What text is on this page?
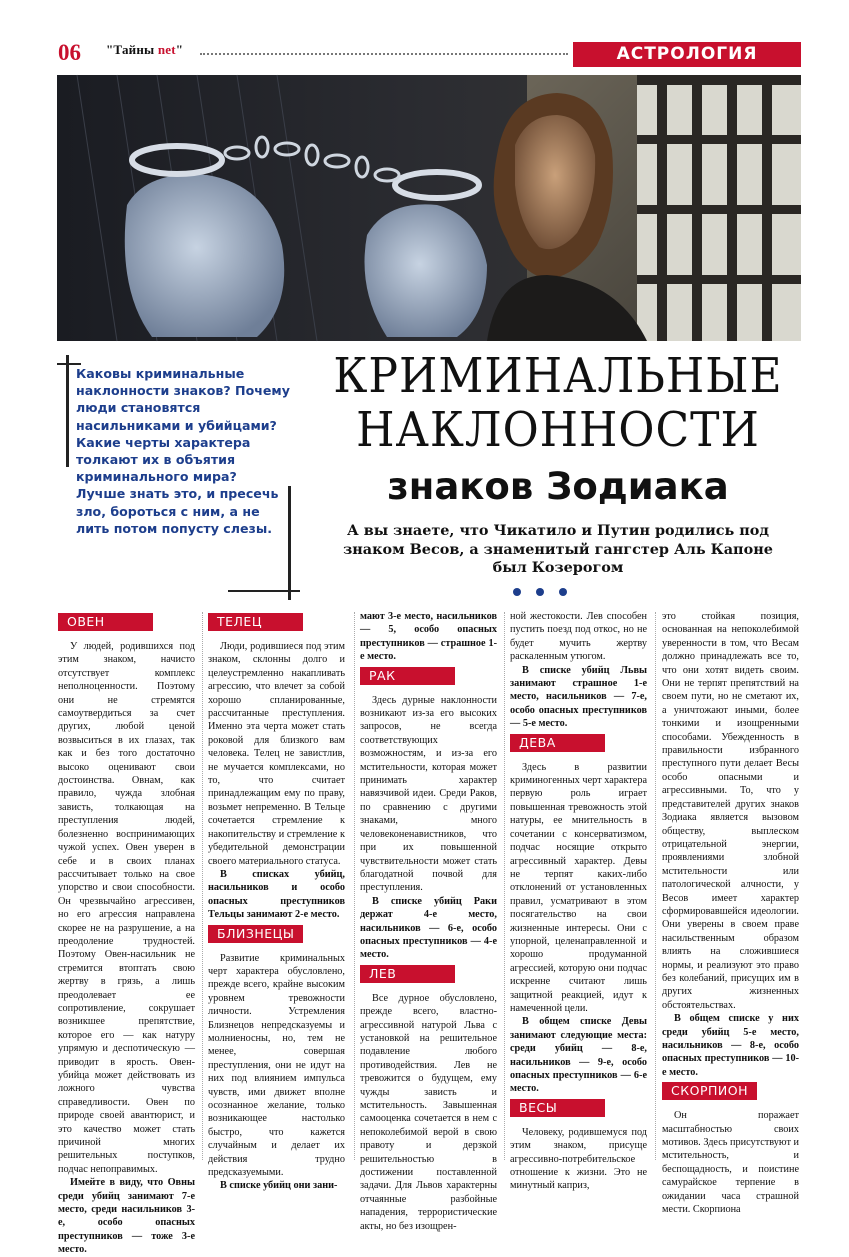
06 "Тайны net"	АСТРОЛОГИЯ
Каковы криминальные наклонности знаков? Почему люди становятся насильниками и убийцами? Какие черты характера толкают их в объятия криминального мира? Лучше знать это, и пресечь зло, бороться с ним, а не лить потом попусту слезы.
КРИМИНАЛЬНЫЕ
НАКЛОННОСТИ
знаков Зодиака
А вы знаете, что Чикатило и Путин родились под знаком Весов, а знаменитый гангстер Аль Капоне был Козерогом
ОВЕН

У людей, родившихся под этим знаком, начисто отсутствует комплекс неполноценности. Поэтому они не стремятся самоутвердиться за счет других, любой ценой возвыситься в их глазах, так как и без того достаточно высоко оценивают свои достоинства. Овнам, как правило, чужда злобная зависть, толкающая на преступления людей, болезненно воспринимающих чужой успех. Овен уверен в себе и в своих планах рассчитывает только на свое упорство и свои способности. Он чрезвычайно агрессивен, но его агрессия направлена скорее не на разрушение, а на преодоление трудностей. Поэтому Овен-насильник не стремится втоптать свою жертву в грязь, а лишь преодолевает ее сопротивление, сокрушает возникшее препятствие, которое его — как натуру упрямую и деспотическую — приводит в ярость. Овен-убийца может действовать из ложного чувства справедливости. Овен по природе своей авантюрист, и это качество может стать причиной многих решительных поступков, подчас непоправимых.

Имейте в виду, что Овны среди убийц занимают 7-е место, среди насильников 3-е, особо опасных преступников — тоже 3-е место.

ТЕЛЕЦ

Люди, родившиеся под этим знаком, склонны долго и целеустремленно накапливать агрессию, что влечет за собой хорошо спланированные, рассчитанные преступления. Именно эта черта может стать роковой для близкого вам человека. Телец не завистлив, не мучается комплексами, но то, что считает принадлежащим ему по праву, возьмет непременно. В Тельце сочетается стремление к накопительству и стремление к убедительной демонстрации своего материального статуса.

В списках убийц, насильников и особо опасных преступников Тельцы занимают 2-е место.

БЛИЗНЕЦЫ

Развитие криминальных черт характера обусловлено, прежде всего, крайне высоким уровнем тревожности личности. Устремления Близнецов непредсказуемы и молниеносны, но, тем не менее, совершая преступления, они не идут на них под влиянием импульса чувств, ими движет вполне осознанное желание, только возникающее настолько быстро, что кажется случайным и делает их действия трудно предсказуемыми.

В списке убийц они зани-

мают 3-е место, насильников — 5, особо опасных преступников — страшное 1-е место.

РАК

Здесь дурные наклонности возникают из-за его высоких запросов, не всегда соответствующих возможностям, и из-за его мстительности, которая может принимать характер навязчивой идеи. Среди Раков, по сравнению с другими знаками, много человеконенавистников, что при их повышенной чувствительности может стать благодатной почвой для преступления.

В списке убийц Раки держат 4-е место, насильников — 6-е, особо опасных преступников — 4-е место.

ЛЕВ

Все дурное обусловлено, прежде всего, властно-агрессивной натурой Льва с установкой на решительное подавление любого противодействия. Лев не тревожится о будущем, ему чужды зависть и мстительность. Завышенная самооценка сочетается в нем с непоколебимой верой в свою правоту и дерзкой решительностью в достижении поставленной задачи. Для Львов характерны отчаянные разбойные нападения, террористические акты, но без изощрен-

ной жестокости. Лев способен пустить поезд под откос, но не будет мучить жертву раскаленным утюгом.

В списке убийц Львы занимают страшное 1-е место, насильников — 7-е, особо опасных преступников — 5-е место.

ДЕВА

Здесь в развитии криминогенных черт характера первую роль играет повышенная тревожность этой натуры, ее мнительность в сочетании с консерватизмом, подчас носящие открыто агрессивный характер. Девы не терпят каких-либо отклонений от установленных правил, усматривают в этом посягательство на свои жизненные интересы. Они с упорной, целенаправленной и хорошо продуманной агрессией, которую они подчас искренне считают лишь защитной реакцией, идут к намеченной цели.

В общем списке Девы занимают следующие места: среди убийц — 8-е, насильников — 9-е, особо опасных преступников — 6-е место.

ВЕСЫ

Человеку, родившемуся под этим знаком, присуще агрессивно-потребительское отношение к жизни. Это не минутный каприз,

это стойкая позиция, основанная на непоколебимой уверенности в том, что Весам должно принадлежать все то, что они хотят видеть своим. Они не терпят препятствий на своем пути, но не сметают их, а уничтожают иными, более тонкими и изощренными способами. Убежденность в правильности избранного преступного пути делает Весы особо опасными и агрессивными. То, что у представителей других знаков Зодиака является вызовом обществу, выплеском отрицательной энергии, проявлениями злобной мстительности или патологической алчности, у Весов имеет характер сформировавшейся идеологии. Они уверены в своем праве насильственным образом влиять на сложившиеся нормы, и реализуют это право без колебаний, присущих им в других жизненных обстоятельствах.

В общем списке у них среди убийц 5-е место, насильников — 8-е, особо опасных преступников — 10-е место.

СКОРПИОН

Он поражает масштабностью своих мотивов. Здесь присутствуют и мстительность, и беспощадность, и поистине самурайское терпение в ожидании часа страшной мести. Скорпиона
